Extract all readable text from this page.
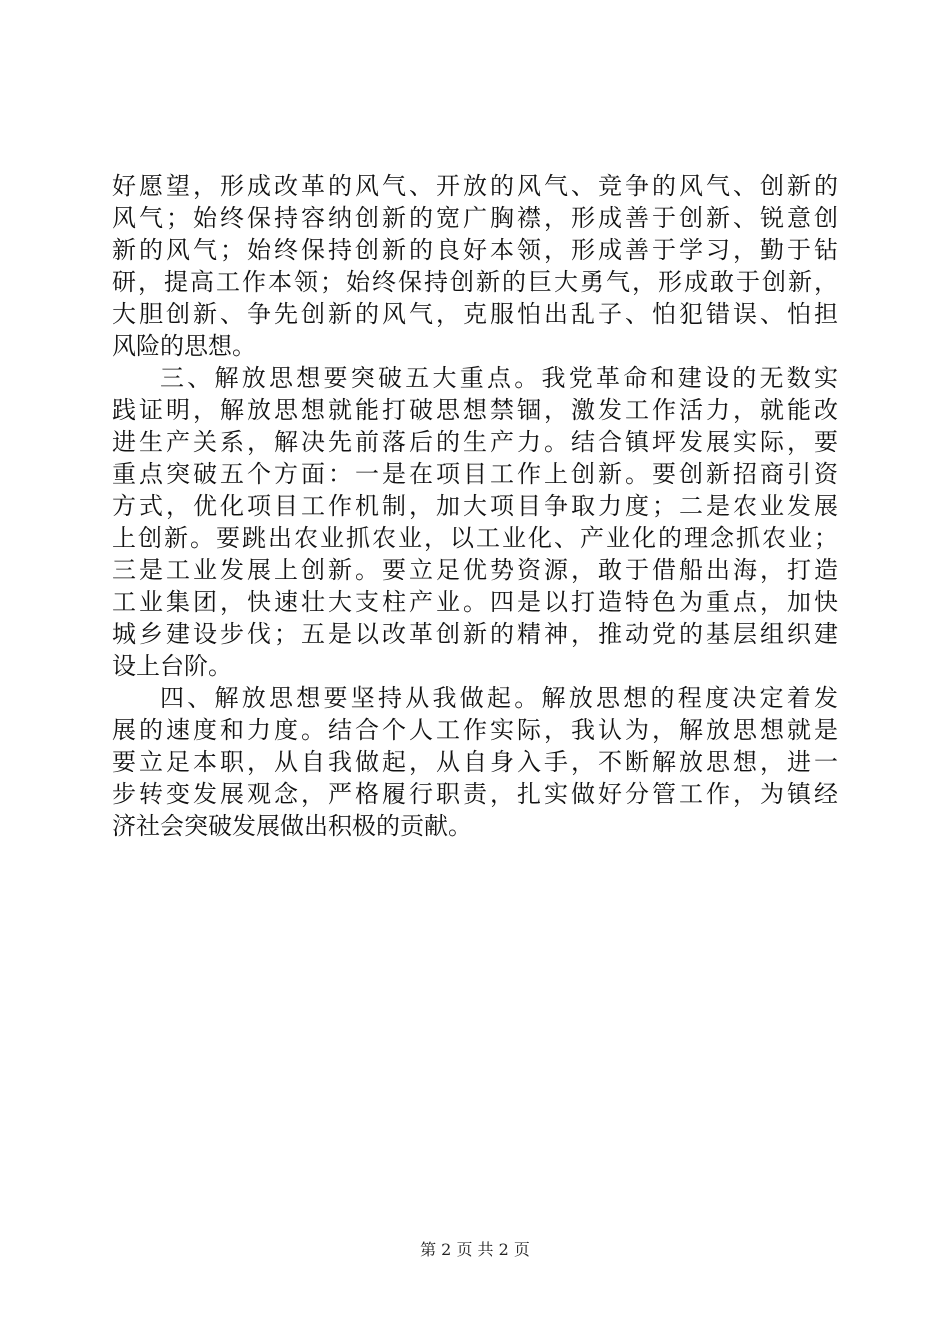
好愿望，形成改革的风气、开放的风气、竞争的风气、创新的
风气；始终保持容纳创新的宽广胸襟，形成善于创新、锐意创
新的风气；始终保持创新的良好本领，形成善于学习，勤于钻
研，提高工作本领；始终保持创新的巨大勇气，形成敢于创新，
大胆创新、争先创新的风气，克服怕出乱子、怕犯错误、怕担
风险的思想。
三、解放思想要突破五大重点。我党革命和建设的无数实
践证明，解放思想就能打破思想禁锢，激发工作活力，就能改
进生产关系，解决先前落后的生产力。结合镇坪发展实际，要
重点突破五个方面：一是在项目工作上创新。要创新招商引资
方式，优化项目工作机制，加大项目争取力度；二是农业发展
上创新。要跳出农业抓农业，以工业化、产业化的理念抓农业；
三是工业发展上创新。要立足优势资源，敢于借船出海，打造
工业集团，快速壮大支柱产业。四是以打造特色为重点，加快
城乡建设步伐；五是以改革创新的精神，推动党的基层组织建
设上台阶。
四、解放思想要坚持从我做起。解放思想的程度决定着发
展的速度和力度。结合个人工作实际，我认为，解放思想就是
要立足本职，从自我做起，从自身入手，不断解放思想，进一
步转变发展观念，严格履行职责，扎实做好分管工作，为镇经
济社会突破发展做出积极的贡献。
第 2 页 共 2 页
